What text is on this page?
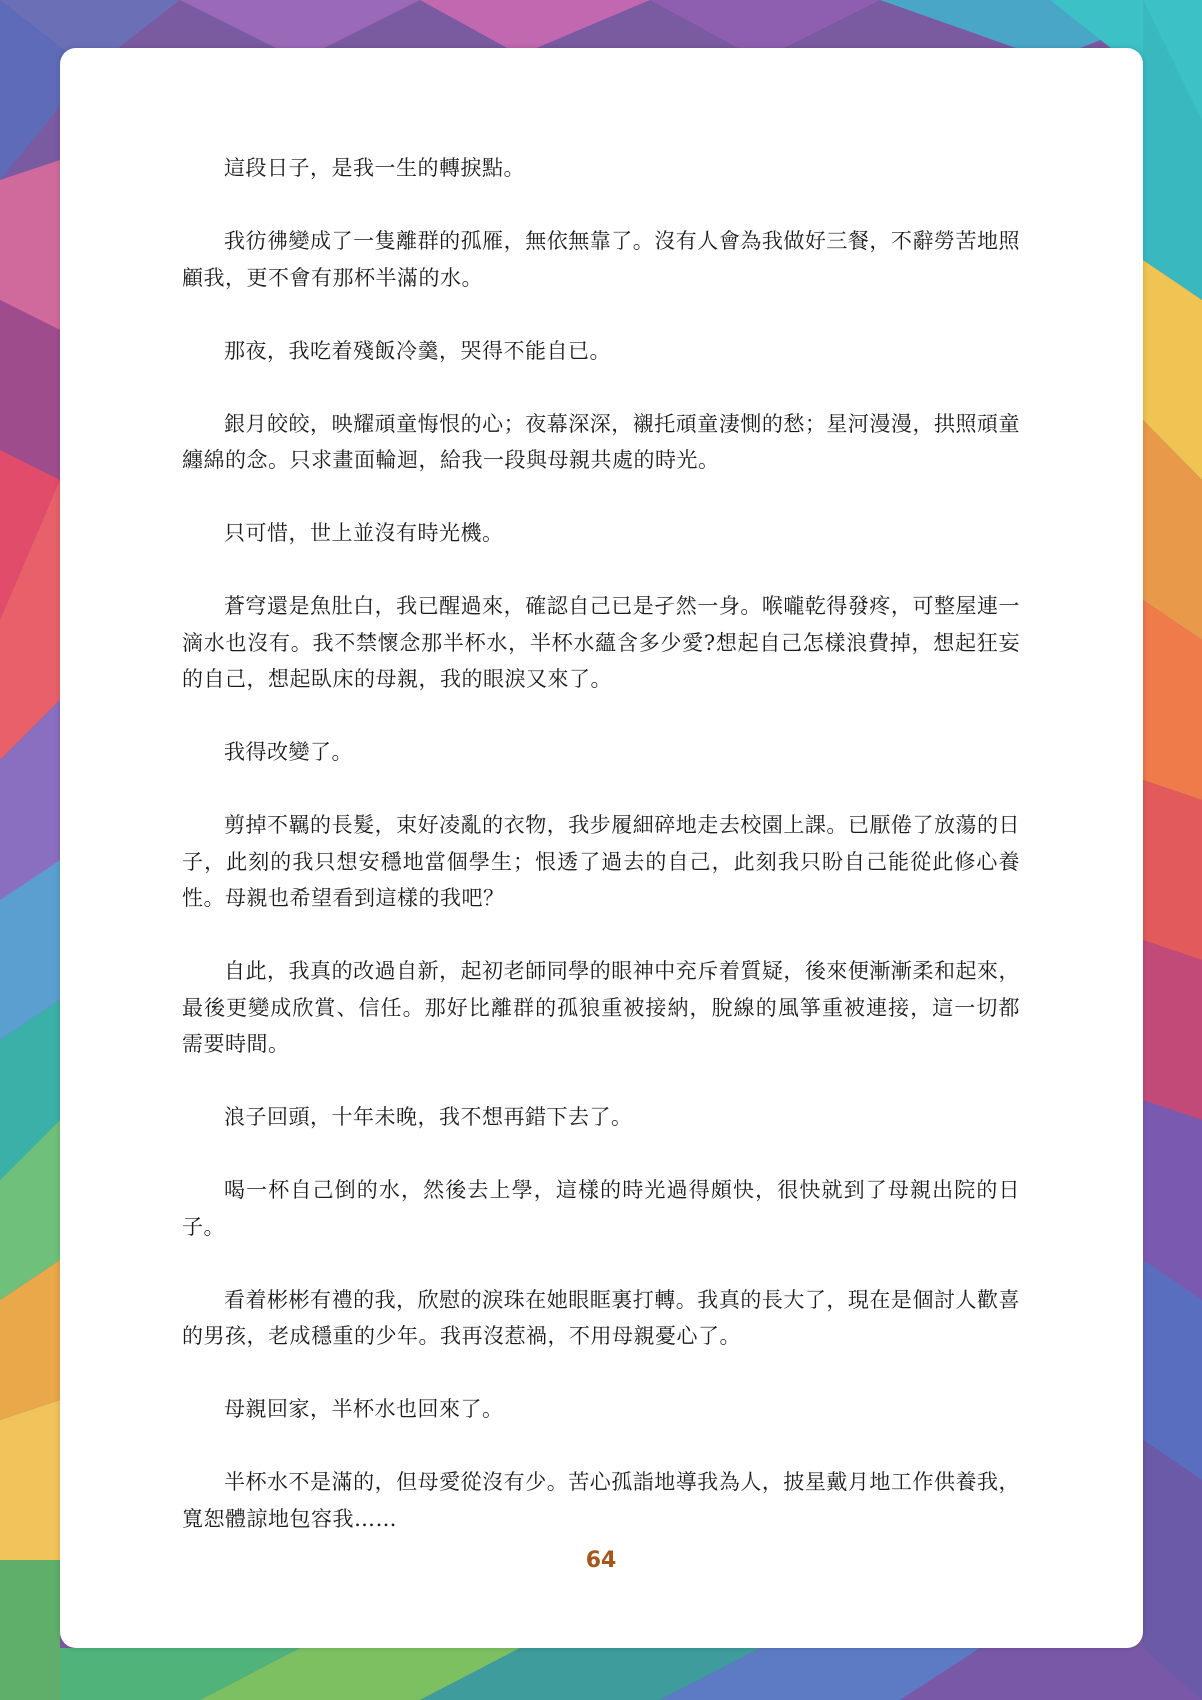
這段日子，是我一生的轉捩點。

我彷彿變成了一隻離群的孤雁，無依無靠了。沒有人會為我做好三餐，不辭勞苦地照顧我，更不會有那杯半滿的水。

那夜，我吃着殘飯冷羹，哭得不能自已。

銀月皎皎，映耀頑童悔恨的心；夜幕深深，襯托頑童淒惻的愁；星河漫漫，拱照頑童纏綿的念。只求畫面輪迴，給我一段與母親共處的時光。

只可惜，世上並沒有時光機。

蒼穹還是魚肚白，我已醒過來，確認自己已是孑然一身。喉嚨乾得發疼，可整屋連一滴水也沒有。我不禁懷念那半杯水，半杯水蘊含多少愛?想起自己怎樣浪費掉，想起狂妄的自己，想起臥床的母親，我的眼淚又來了。

我得改變了。

剪掉不羈的長髮，束好凌亂的衣物，我步履細碎地走去校園上課。已厭倦了放蕩的日子，此刻的我只想安穩地當個學生；恨透了過去的自己，此刻我只盼自己能從此修心養性。母親也希望看到這樣的我吧？

自此，我真的改過自新，起初老師同學的眼神中充斥着質疑，後來便漸漸柔和起來，最後更變成欣賞、信任。那好比離群的孤狼重被接納，脫線的風箏重被連接，這一切都需要時間。

浪子回頭，十年未晚，我不想再錯下去了。

喝一杯自己倒的水，然後去上學，這樣的時光過得頗快，很快就到了母親出院的日子。

看着彬彬有禮的我，欣慰的淚珠在她眼眶裏打轉。我真的長大了，現在是個討人歡喜的男孩，老成穩重的少年。我再沒惹禍，不用母親憂心了。

母親回家，半杯水也回來了。

半杯水不是滿的，但母愛從沒有少。苦心孤詣地導我為人，披星戴月地工作供養我，寬恕體諒地包容我……

64
